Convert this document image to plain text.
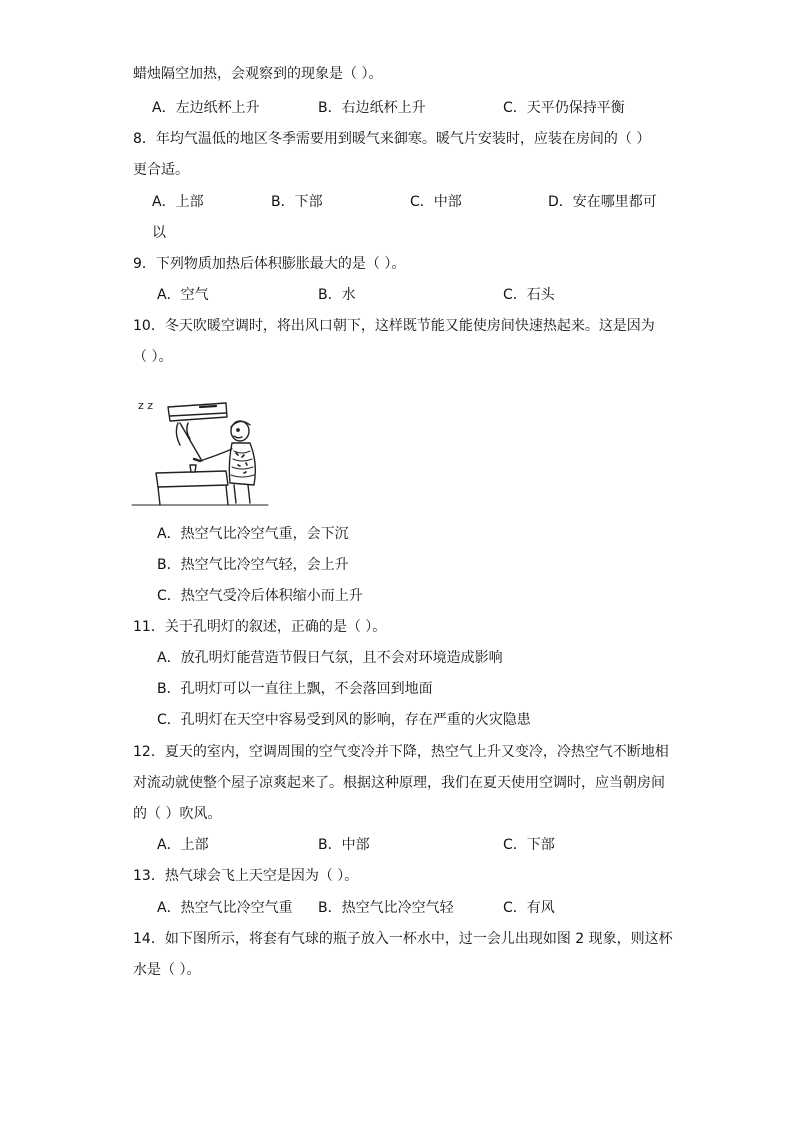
蜡烛隔空加热，会观察到的现象是（ ）。
A．左边纸杯上升	B．右边纸杯上升	C．天平仍保持平衡
8．年均气温低的地区冬季需要用到暖气来御寒。暖气片安装时，应装在房间的（ ）
更合适。
A．上部	B．下部	C．中部	D．安在哪里都可
以
9．下列物质加热后体积膨胀最大的是（ ）。
A．空气	B．水	C．石头
10．冬天吹暖空调时，将出风口朝下，这样既节能又能使房间快速热起来。这是因为
（ ）。
z z
A．热空气比冷空气重，会下沉
B．热空气比冷空气轻，会上升
C．热空气受冷后体积缩小而上升
11．关于孔明灯的叙述，正确的是（ ）。
A．放孔明灯能营造节假日气氛，且不会对环境造成影响
B．孔明灯可以一直往上飘，不会落回到地面
C．孔明灯在天空中容易受到风的影响，存在严重的火灾隐患
12．夏天的室内，空调周围的空气变冷并下降，热空气上升又变冷，冷热空气不断地相
对流动就使整个屋子凉爽起来了。根据这种原理，我们在夏天使用空调时，应当朝房间
的（ ）吹风。
A．上部	B．中部	C．下部
13．热气球会飞上天空是因为（ ）。
A．热空气比冷空气重 B．热空气比冷空气轻	C．有风
14．如下图所示，将套有气球的瓶子放入一杯水中，过一会儿出现如图 2 现象，则这杯
水是（ ）。
